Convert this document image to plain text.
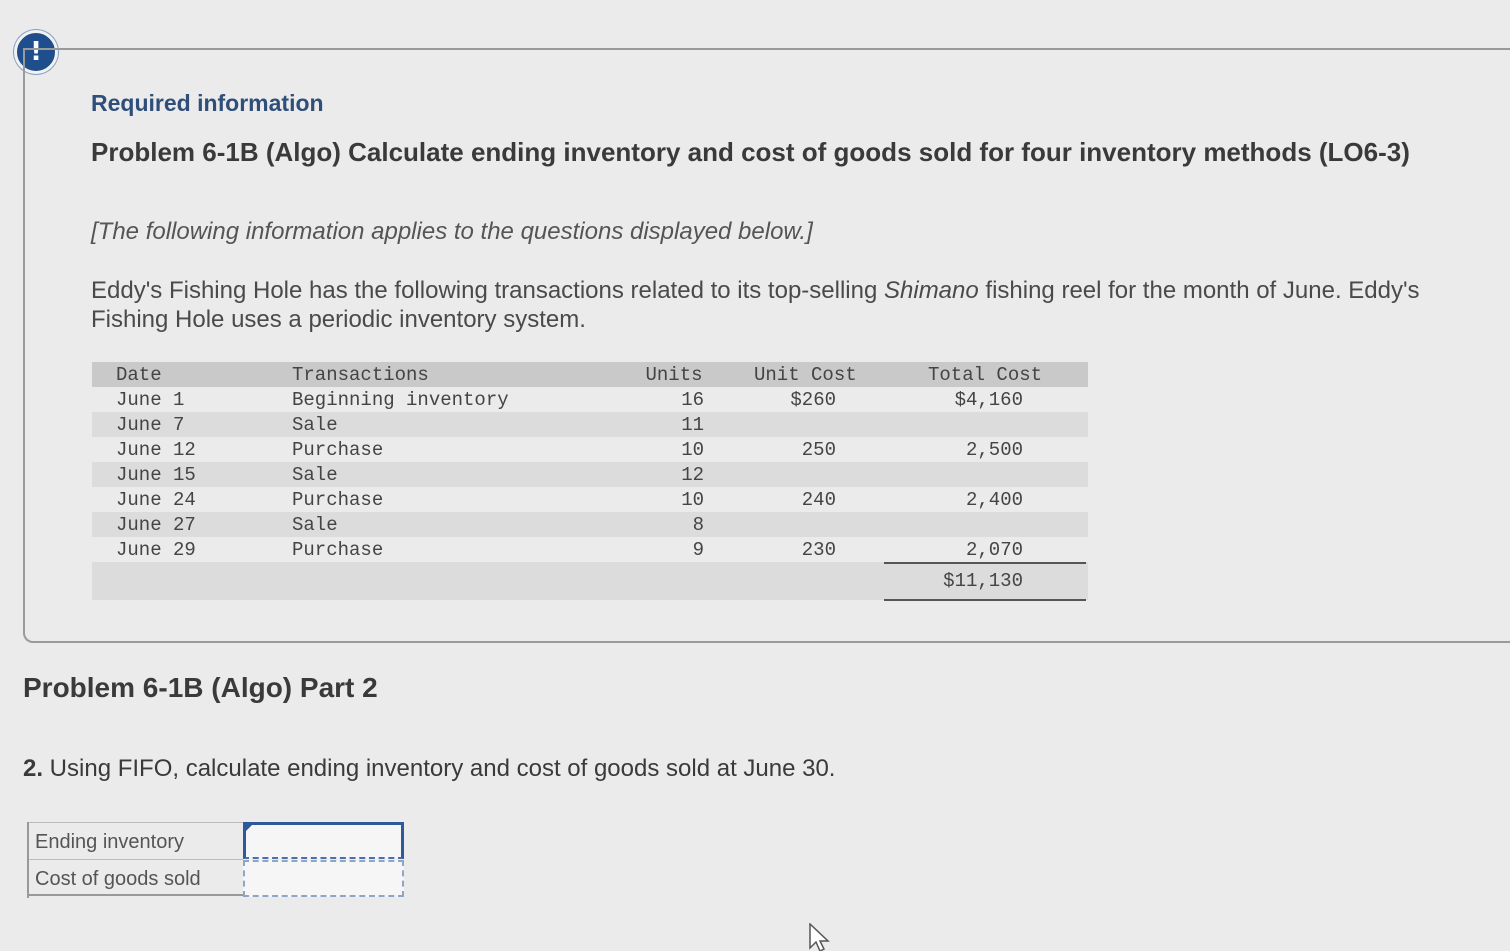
!
Required information
Problem 6-1B (Algo) Calculate ending inventory and cost of goods sold for four inventory methods (LO6-3)
[The following information applies to the questions displayed below.]
Eddy's Fishing Hole has the following transactions related to its top-selling Shimano fishing reel for the month of June. Eddy's Fishing Hole uses a periodic inventory system.
Date	Transactions	Units	Unit Cost	Total Cost
June 1	Beginning inventory	16	$260	$4,160
June 7	Sale	11
June 12	Purchase	10	250	2,500
June 15	Sale	12
June 24	Purchase	10	240	2,400
June 27	Sale	8
June 29	Purchase	9	230	2,070
$11,130
Problem 6-1B (Algo) Part 2
2. Using FIFO, calculate ending inventory and cost of goods sold at June 30.
Ending inventory
Cost of goods sold
